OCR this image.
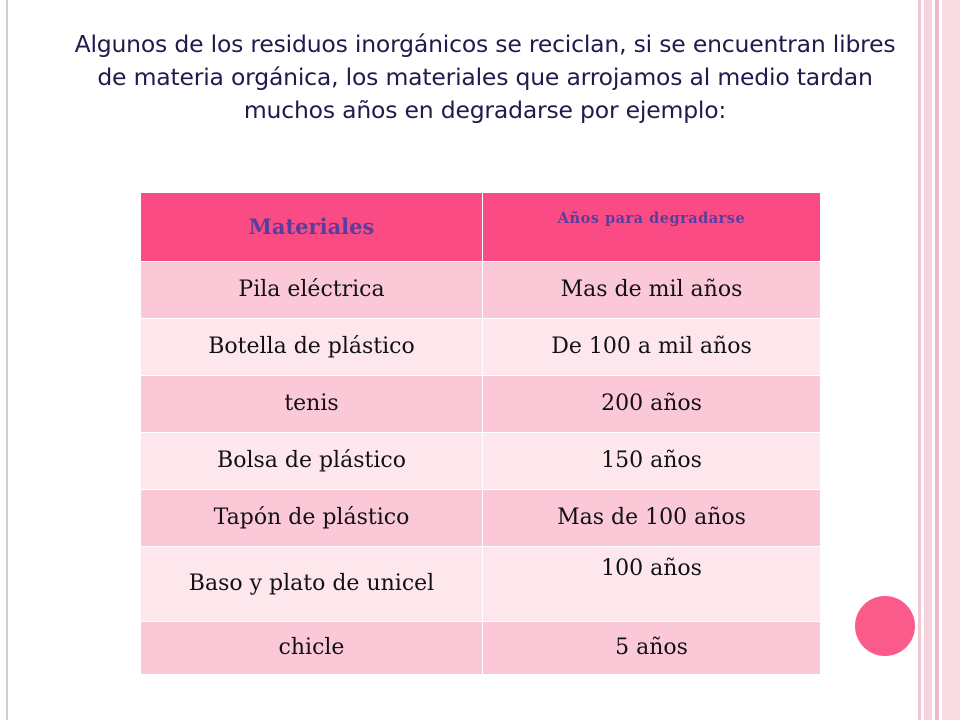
Algunos de los residuos inorgánicos se reciclan, si se encuentran libres de materia orgánica, los materiales que arrojamos al medio tardan muchos años en degradarse por ejemplo:
Materiales	Años para degradarse
Pila eléctrica	Mas de mil años
Botella de plástico	De 100 a mil años
tenis	200 años
Bolsa de plástico	150 años
Tapón de plástico	Mas de 100 años
Baso y plato de unicel	100 años
chicle	5 años
